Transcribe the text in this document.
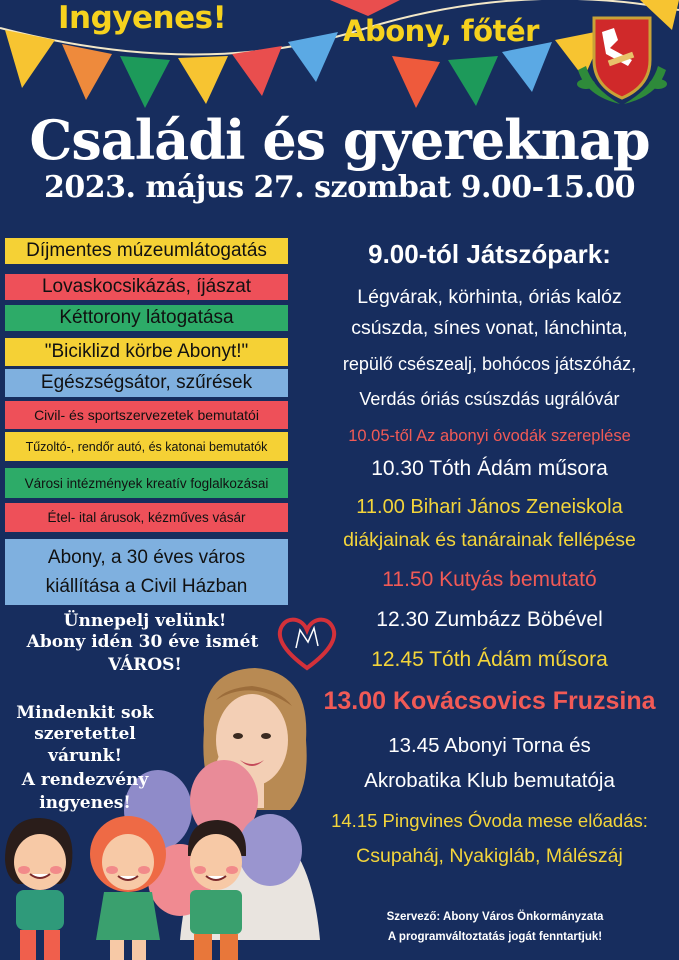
Ingyenes!	Abony, főtér
Családi és gyereknap
2023. május 27. szombat 9.00-15.00
Díjmentes múzeumlátogatás
Lovaskocsikázás, íjászat
Kéttorony látogatása
"Biciklizd körbe Abonyt!"
Egészségsátor, szűrések
Civil- és sportszervezetek bemutatói
Tűzoltó-, rendőr autó, és katonai bemutatók
Városi intézmények kreatív foglalkozásai
Étel- ital árusok, kézműves vásár
Abony, a 30 éves város kiállítása a Civil Házban
9.00-tól Játszópark:
Légvárak, körhinta, óriás kalóz
csúszda, sínes vonat, lánchinta,
repülő csészealj, bohócos játszóház,
Verdás óriás csúszdás ugrálóvár
10.05-től Az abonyi óvodák szereplése
10.30 Tóth Ádám műsora
11.00 Bihari János Zeneiskola
diákjainak és tanárainak fellépése
11.50 Kutyás bemutató
12.30 Zumbázz Böbével
12.45 Tóth Ádám műsora
13.00 Kovácsovics Fruzsina
13.45 Abonyi Torna és
Akrobatika Klub bemutatója
14.15 Pingvines Óvoda mese előadás:
Csupaháj, Nyakigláb, Málészáj
Ünnepelj velünk!
Abony idén 30 éve ismét
VÁROS!
Mindenkit sok
szeretettel
várunk!
A rendezvény
ingyenes!
Szervező: Abony Város Önkormányzata
A programváltoztatás jogát fenntartjuk!
